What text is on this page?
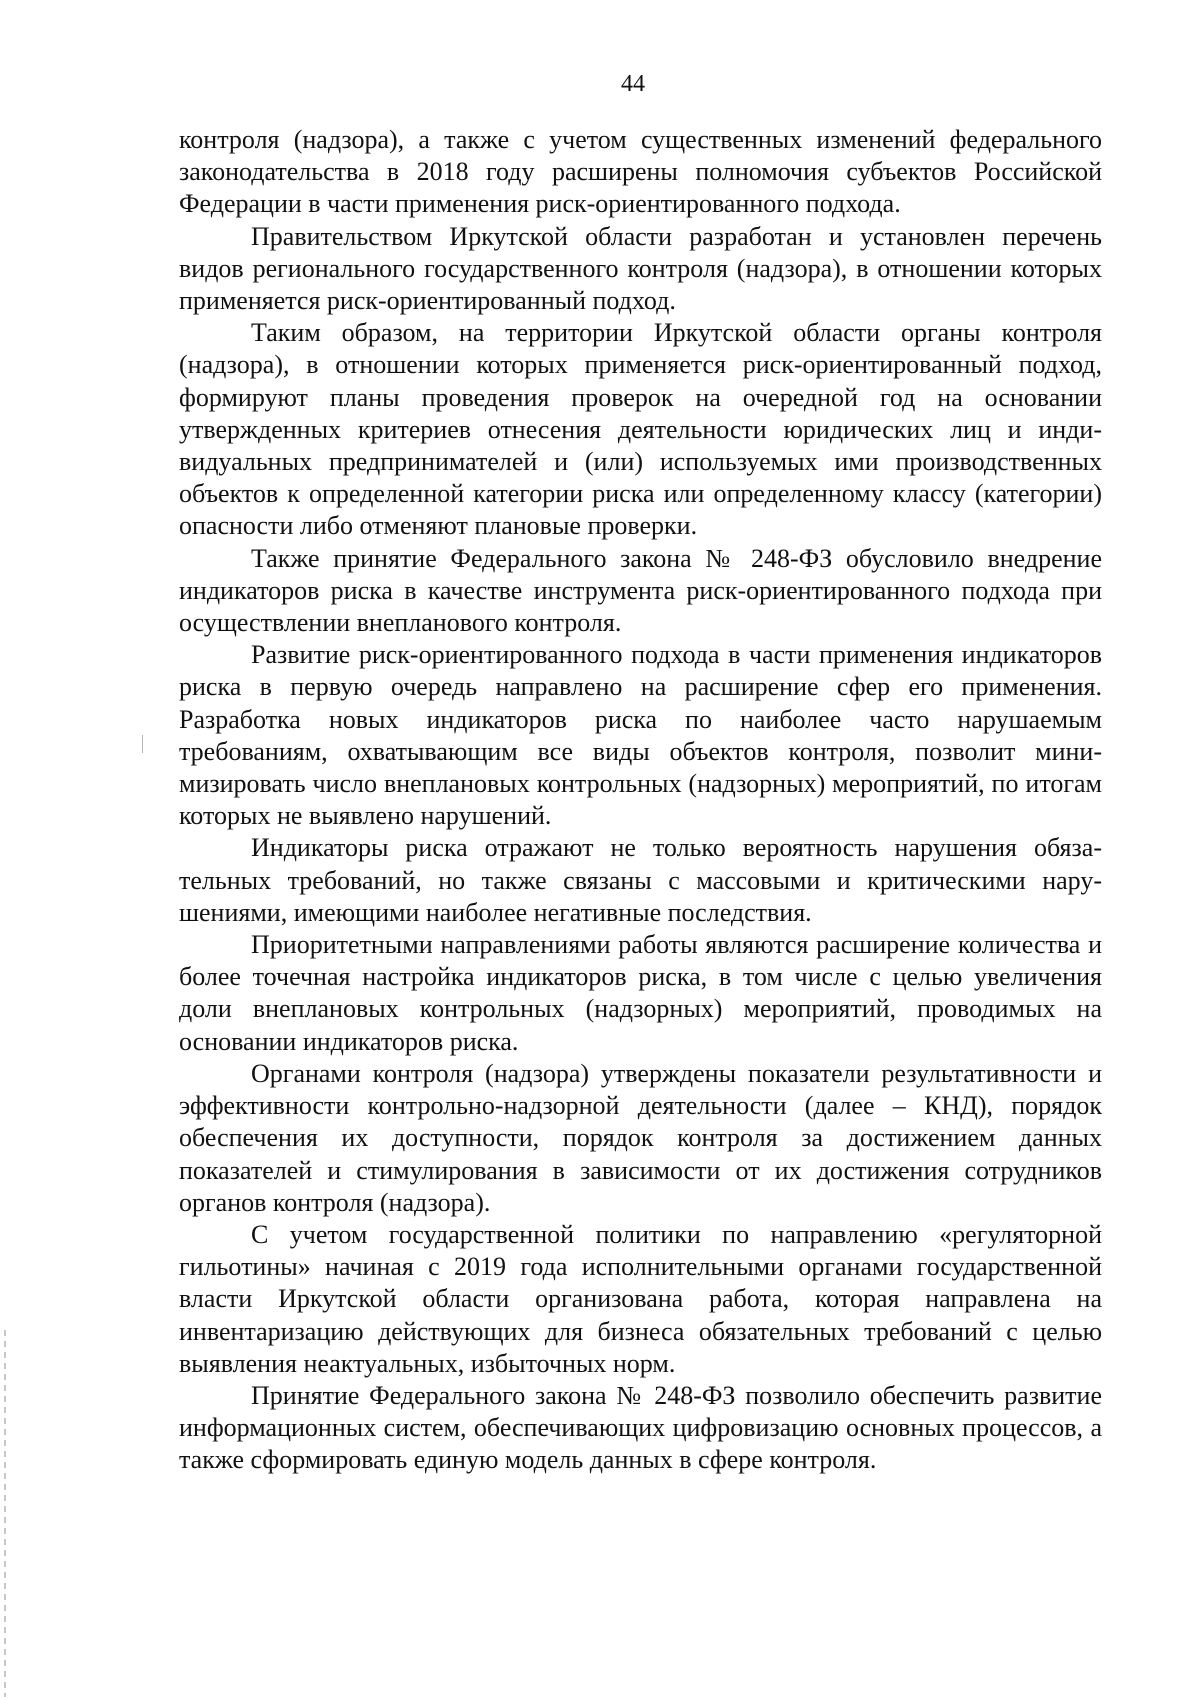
44

контроля (надзора), а также с учетом существенных изменений федерального законодательства в 2018 году расширены полномочия субъектов Российской Федерации в части применения риск-ориентированного подхода.

Правительством Иркутской области разработан и установлен перечень видов регионального государственного контроля (надзора), в отношении которых применяется риск-ориентированный подход.

Таким образом, на территории Иркутской области органы контроля (надзора), в отношении которых применяется риск-ориентированный подход, формируют планы проведения проверок на очередной год на основании утвержденных критериев отнесения деятельности юридических лиц и индивидуальных предпринимателей и (или) используемых ими производственных объектов к определенной категории риска или определенному классу (категории) опасности либо отменяют плановые проверки.

Также принятие Федерального закона № 248-ФЗ обусловило внедрение индикаторов риска в качестве инструмента риск-ориентированного подхода при осуществлении внепланового контроля.

Развитие риск-ориентированного подхода в части применения индикаторов риска в первую очередь направлено на расширение сфер его применения. Разработка новых индикаторов риска по наиболее часто нарушаемым требованиям, охватывающим все виды объектов контроля, позволит минимизировать число внеплановых контрольных (надзорных) мероприятий, по итогам которых не выявлено нарушений.

Индикаторы риска отражают не только вероятность нарушения обязательных требований, но также связаны с массовыми и критическими нарушениями, имеющими наиболее негативные последствия.

Приоритетными направлениями работы являются расширение количества и более точечная настройка индикаторов риска, в том числе с целью увеличения доли внеплановых контрольных (надзорных) мероприятий, проводимых на основании индикаторов риска.

Органами контроля (надзора) утверждены показатели результативности и эффективности контрольно-надзорной деятельности (далее – КНД), порядок обеспечения их доступности, порядок контроля за достижением данных показателей и стимулирования в зависимости от их достижения сотрудников органов контроля (надзора).

С учетом государственной политики по направлению «регуляторной гильотины» начиная с 2019 года исполнительными органами государственной власти Иркутской области организована работа, которая направлена на инвентаризацию действующих для бизнеса обязательных требований с целью выявления неактуальных, избыточных норм.

Принятие Федерального закона № 248-ФЗ позволило обеспечить развитие информационных систем, обеспечивающих цифровизацию основных процессов, а также сформировать единую модель данных в сфере контроля.
